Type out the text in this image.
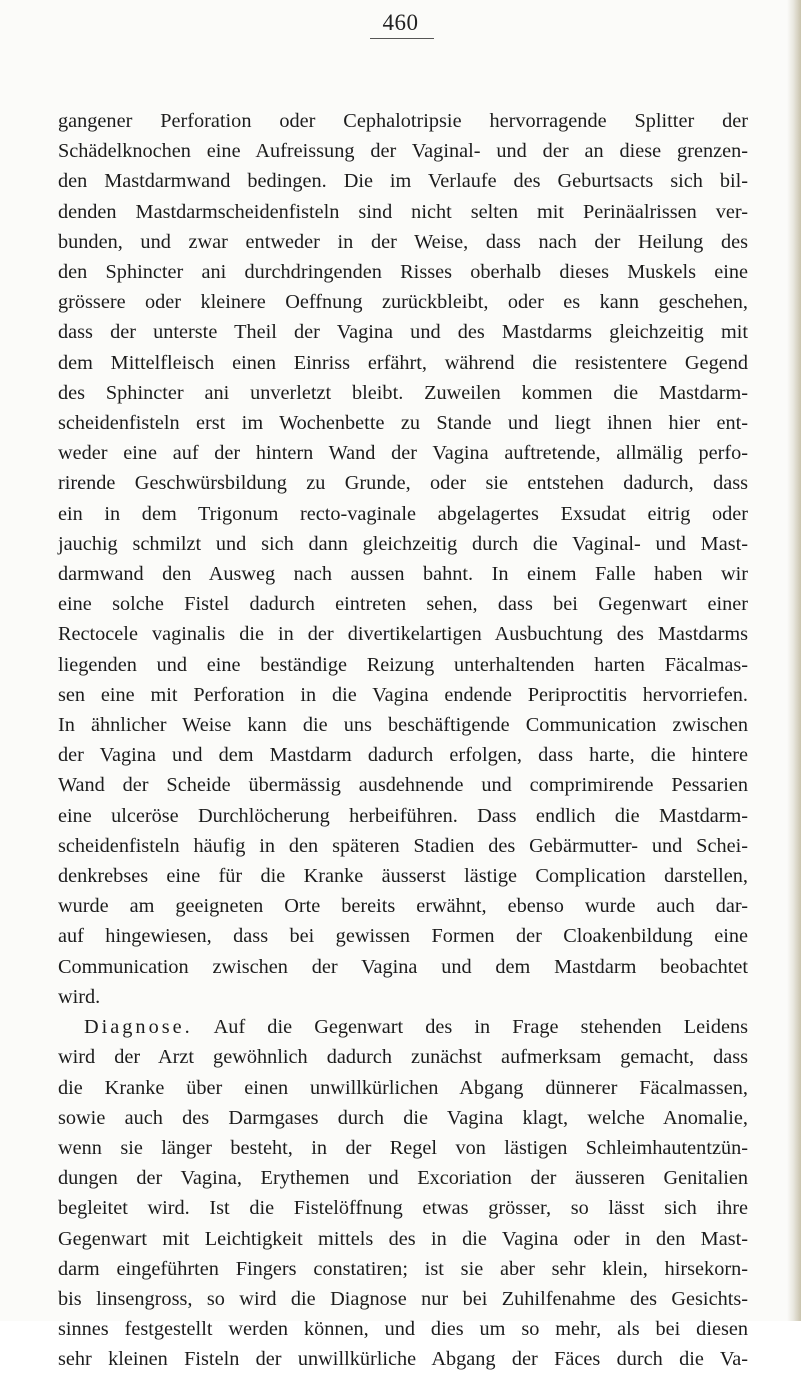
460
gangener Perforation oder Cephalotripsie hervorragende Splitter der
Schädelknochen eine Aufreissung der Vaginal- und der an diese grenzen-
den Mastdarmwand bedingen. Die im Verlaufe des Geburtsacts sich bil-
denden Mastdarmscheidenfisteln sind nicht selten mit Perinäalrissen ver-
bunden, und zwar entweder in der Weise, dass nach der Heilung des
den Sphincter ani durchdringenden Risses oberhalb dieses Muskels eine
grössere oder kleinere Oeffnung zurückbleibt, oder es kann geschehen,
dass der unterste Theil der Vagina und des Mastdarms gleichzeitig mit
dem Mittelfleisch einen Einriss erfährt, während die resistentere Gegend
des Sphincter ani unverletzt bleibt. Zuweilen kommen die Mastdarm-
scheidenfisteln erst im Wochenbette zu Stande und liegt ihnen hier ent-
weder eine auf der hintern Wand der Vagina auftretende, allmälig perfo-
rirende Geschwürsbildung zu Grunde, oder sie entstehen dadurch, dass
ein in dem Trigonum recto-vaginale abgelagertes Exsudat eitrig oder
jauchig schmilzt und sich dann gleichzeitig durch die Vaginal- und Mast-
darmwand den Ausweg nach aussen bahnt. In einem Falle haben wir
eine solche Fistel dadurch eintreten sehen, dass bei Gegenwart einer
Rectocele vaginalis die in der divertikelartigen Ausbuchtung des Mastdarms
liegenden und eine beständige Reizung unterhaltenden harten Fäcalmas-
sen eine mit Perforation in die Vagina endende Periproctitis hervorriefen.
In ähnlicher Weise kann die uns beschäftigende Communication zwischen
der Vagina und dem Mastdarm dadurch erfolgen, dass harte, die hintere
Wand der Scheide übermässig ausdehnende und comprimirende Pessarien
eine ulceröse Durchlöcherung herbeiführen. Dass endlich die Mastdarm-
scheidenfisteln häufig in den späteren Stadien des Gebärmutter- und Schei-
denkrebses eine für die Kranke äusserst lästige Complication darstellen,
wurde am geeigneten Orte bereits erwähnt, ebenso wurde auch dar-
auf hingewiesen, dass bei gewissen Formen der Cloakenbildung eine
Communication zwischen der Vagina und dem Mastdarm beobachtet
wird.
Diagnose. Auf die Gegenwart des in Frage stehenden Leidens
wird der Arzt gewöhnlich dadurch zunächst aufmerksam gemacht, dass
die Kranke über einen unwillkürlichen Abgang dünnerer Fäcalmassen,
sowie auch des Darmgases durch die Vagina klagt, welche Anomalie,
wenn sie länger besteht, in der Regel von lästigen Schleimhautentzün-
dungen der Vagina, Erythemen und Excoriation der äusseren Genitalien
begleitet wird. Ist die Fistelöffnung etwas grösser, so lässt sich ihre
Gegenwart mit Leichtigkeit mittels des in die Vagina oder in den Mast-
darm eingeführten Fingers constatiren; ist sie aber sehr klein, hirsekorn-
bis linsengross, so wird die Diagnose nur bei Zuhilfenahme des Gesichts-
sinnes festgestellt werden können, und dies um so mehr, als bei diesen
sehr kleinen Fisteln der unwillkürliche Abgang der Fäces durch die Va-
